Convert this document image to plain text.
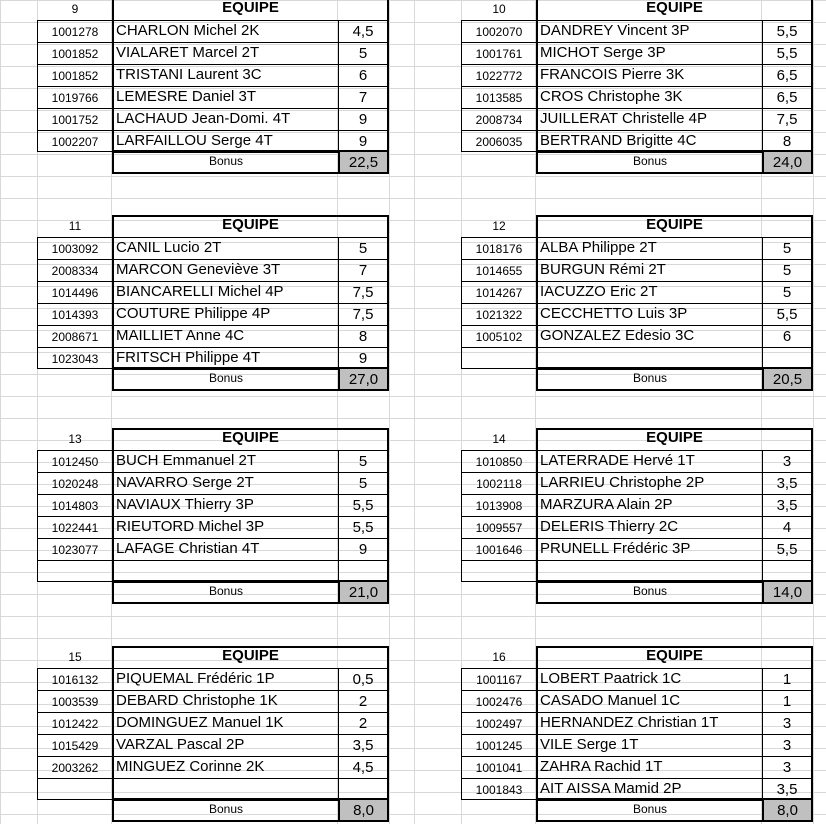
9	EQUIPE
1001278	CHARLON Michel 2K	4,5
1001852	VIALARET Marcel 2T	5
1001852	TRISTANI Laurent 3C	6
1019766	LEMESRE Daniel 3T	7
1001752	LACHAUD Jean-Domi. 4T	9
1002207	LARFAILLOU Serge 4T	9
Bonus	22,5
10	EQUIPE
1002070	DANDREY Vincent 3P	5,5
1001761	MICHOT Serge 3P	5,5
1022772	FRANCOIS Pierre 3K	6,5
1013585	CROS Christophe 3K	6,5
2008734	JUILLERAT Christelle 4P	7,5
2006035	BERTRAND Brigitte 4C	8
Bonus	24,0
11	EQUIPE
1003092	CANIL Lucio 2T	5
2008334	MARCON Geneviève 3T	7
1014496	BIANCARELLI Michel 4P	7,5
1014393	COUTURE Philippe 4P	7,5
2008671	MAILLIET Anne 4C	8
1023043	FRITSCH Philippe 4T	9
Bonus	27,0
12	EQUIPE
1018176	ALBA Philippe 2T	5
1014655	BURGUN Rémi 2T	5
1014267	IACUZZO Eric 2T	5
1021322	CECCHETTO Luis 3P	5,5
1005102	GONZALEZ Edesio 3C	6
Bonus	20,5
13	EQUIPE
1012450	BUCH Emmanuel 2T	5
1020248	NAVARRO Serge 2T	5
1014803	NAVIAUX Thierry 3P	5,5
1022441	RIEUTORD Michel 3P	5,5
1023077	LAFAGE Christian 4T	9
Bonus	21,0
14	EQUIPE
1010850	LATERRADE Hervé 1T	3
1002118	LARRIEU Christophe 2P	3,5
1013908	MARZURA Alain 2P	3,5
1009557	DELERIS Thierry 2C	4
1001646	PRUNELL Frédéric 3P	5,5
Bonus	14,0
15	EQUIPE
1016132	PIQUEMAL Frédéric 1P	0,5
1003539	DEBARD Christophe 1K	2
1012422	DOMINGUEZ Manuel 1K	2
1015429	VARZAL Pascal 2P	3,5
2003262	MINGUEZ Corinne 2K	4,5
Bonus	8,0
16	EQUIPE
1001167	LOBERT Paatrick 1C	1
1002476	CASADO Manuel 1C	1
1002497	HERNANDEZ Christian 1T	3
1001245	VILE Serge 1T	3
1001041	ZAHRA Rachid 1T	3
1001843	AIT AISSA Mamid 2P	3,5
Bonus	8,0
